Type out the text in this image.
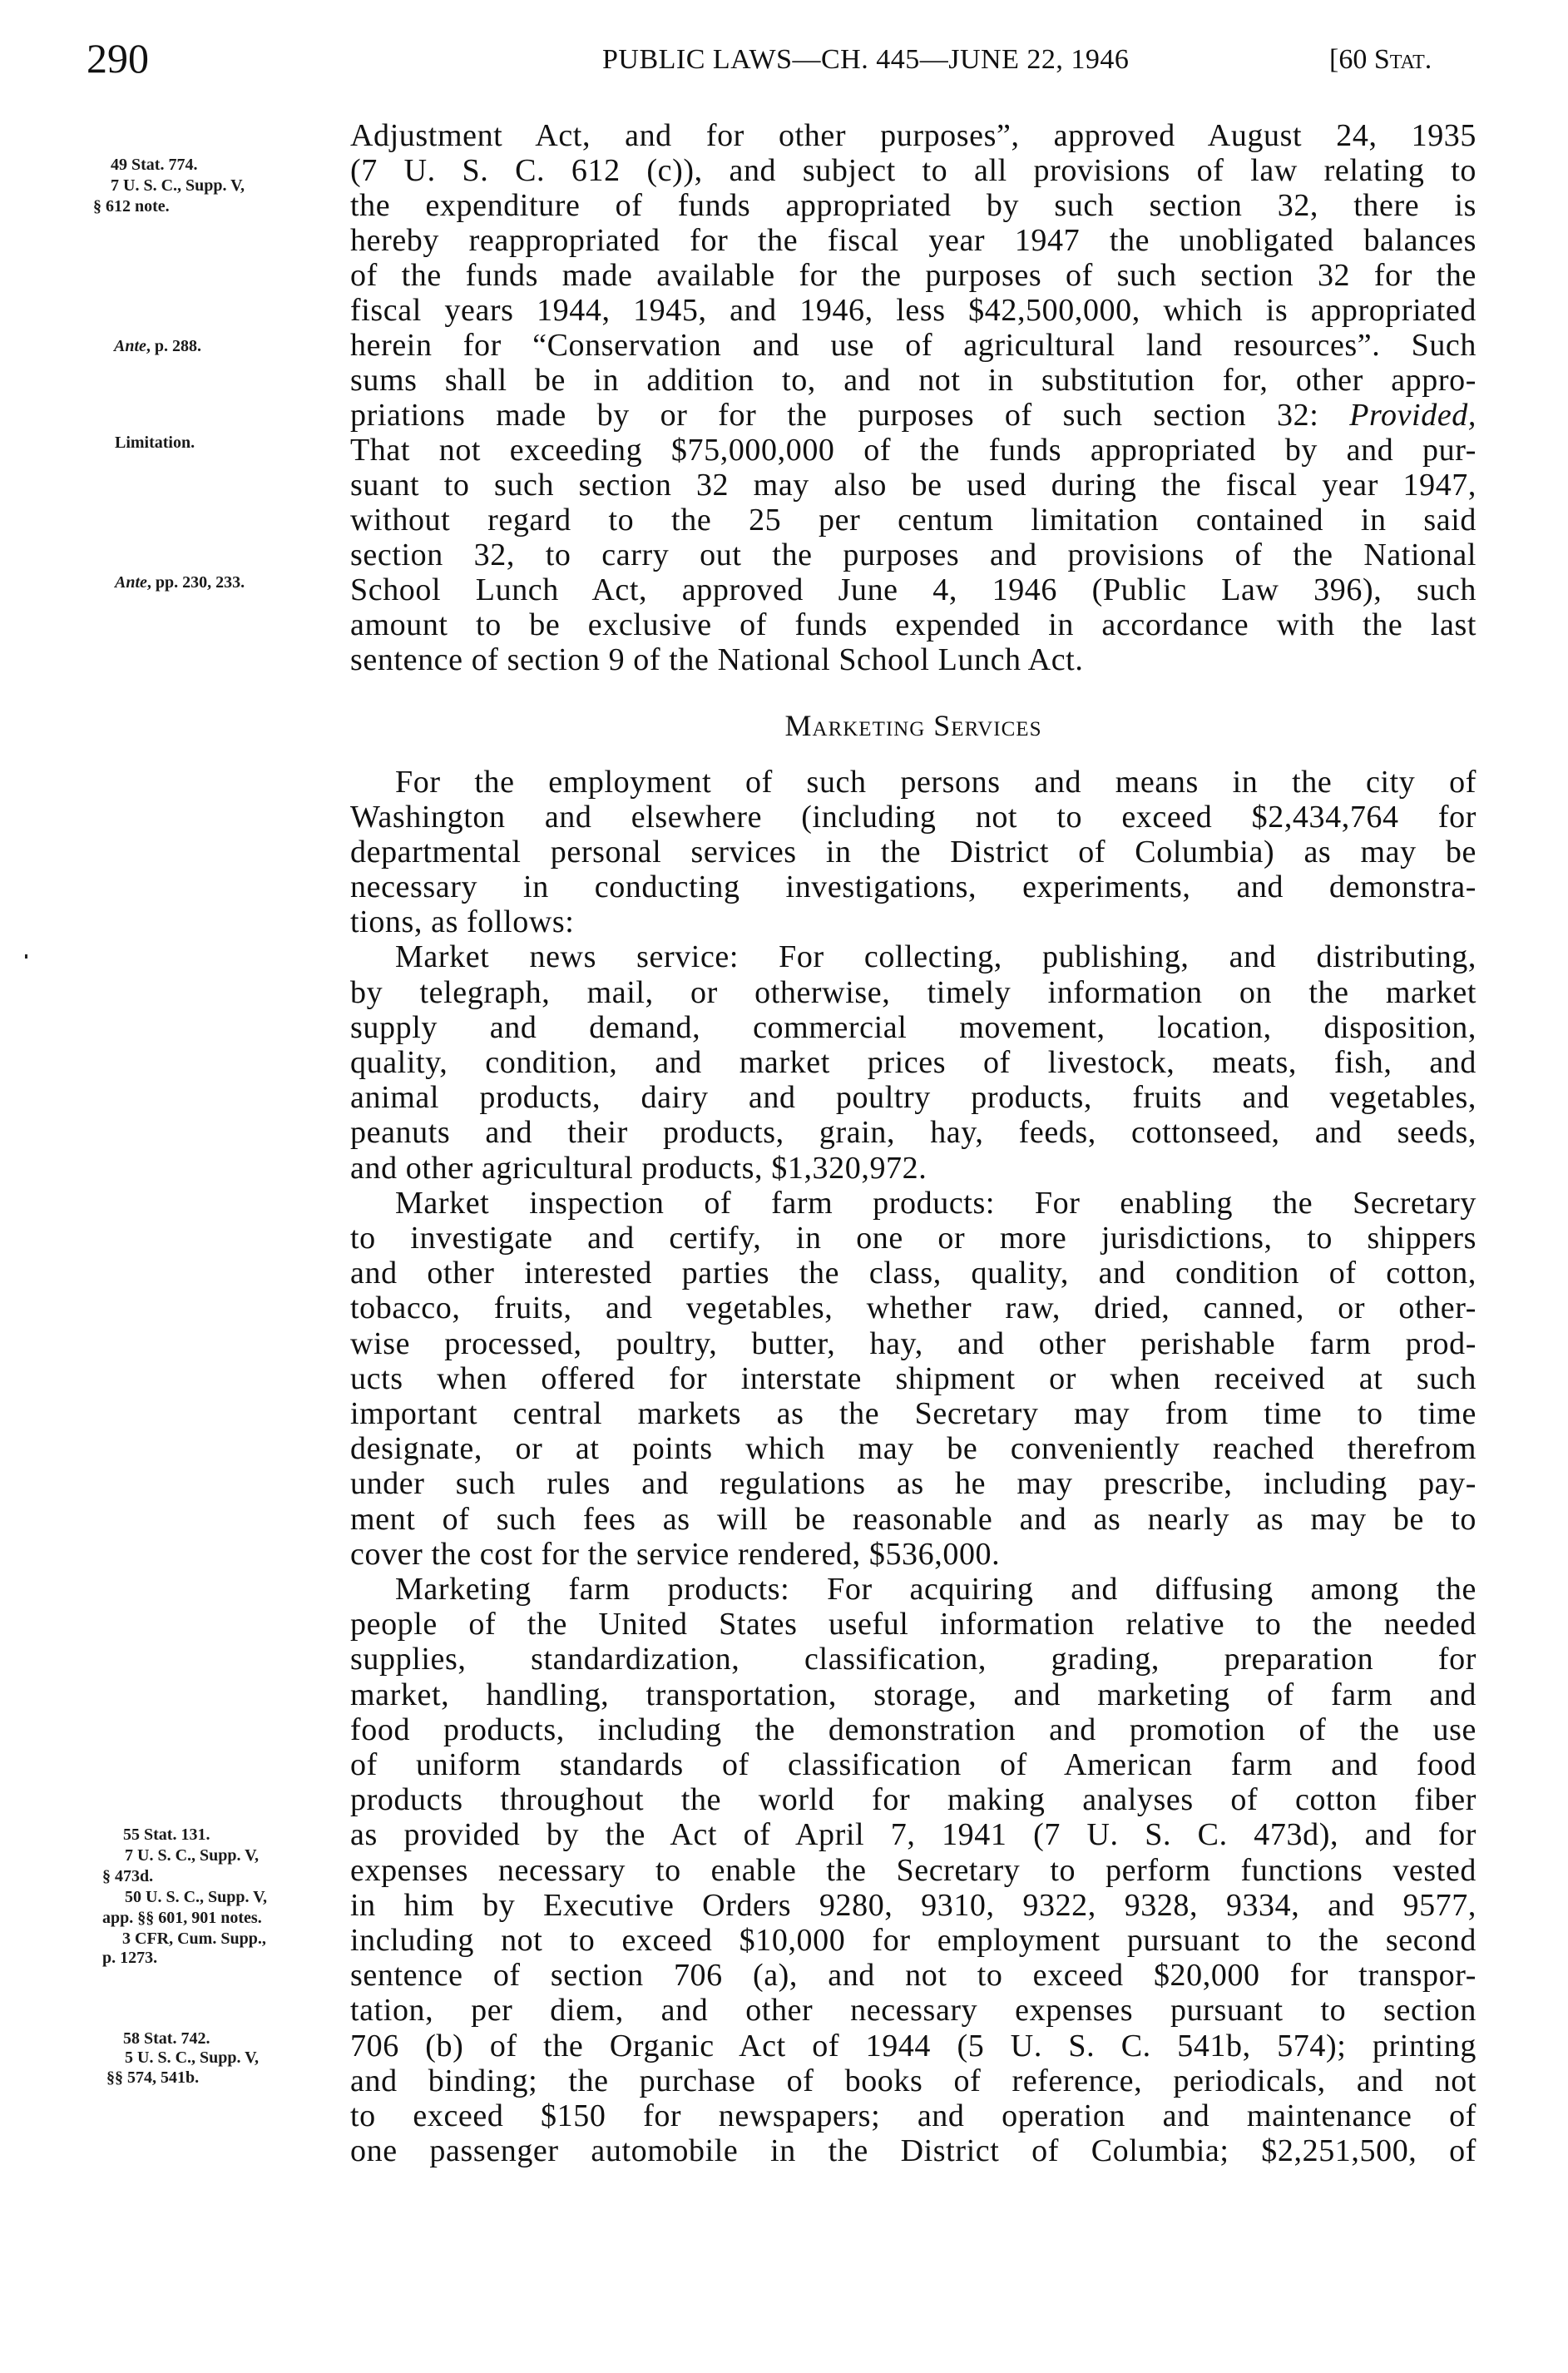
290	PUBLIC LAWS—CH. 445—JUNE 22, 1946	[60 Stat.
49 Stat. 774.
7 U. S. C., Supp. V,
§ 612 note.
Ante, p. 288.
Limitation.
Ante, pp. 230, 233.
55 Stat. 131.
7 U. S. C., Supp. V,
§ 473d.
50 U. S. C., Supp. V,
app. §§ 601, 901 notes.
3 CFR, Cum. Supp.,
p. 1273.
58 Stat. 742.
5 U. S. C., Supp. V,
§§ 574, 541b.
Adjustment Act, and for other purposes”, approved August 24, 1935
(7 U. S. C. 612 (c)), and subject to all provisions of law relating to
the expenditure of funds appropriated by such section 32, there is
hereby reappropriated for the fiscal year 1947 the unobligated balances
of the funds made available for the purposes of such section 32 for the
fiscal years 1944, 1945, and 1946, less $42,500,000, which is appropriated
herein for “Conservation and use of agricultural land resources”. Such
sums shall be in addition to, and not in substitution for, other appro-
priations made by or for the purposes of such section 32: Provided,
That not exceeding $75,000,000 of the funds appropriated by and pur-
suant to such section 32 may also be used during the fiscal year 1947,
without regard to the 25 per centum limitation contained in said
section 32, to carry out the purposes and provisions of the National
School Lunch Act, approved June 4, 1946 (Public Law 396), such
amount to be exclusive of funds expended in accordance with the last
sentence of section 9 of the National School Lunch Act.
Marketing Services
For the employment of such persons and means in the city of
Washington and elsewhere (including not to exceed $2,434,764 for
departmental personal services in the District of Columbia) as may be
necessary in conducting investigations, experiments, and demonstra-
tions, as follows:
Market news service: For collecting, publishing, and distributing,
by telegraph, mail, or otherwise, timely information on the market
supply and demand, commercial movement, location, disposition,
quality, condition, and market prices of livestock, meats, fish, and
animal products, dairy and poultry products, fruits and vegetables,
peanuts and their products, grain, hay, feeds, cottonseed, and seeds,
and other agricultural products, $1,320,972.
Market inspection of farm products: For enabling the Secretary
to investigate and certify, in one or more jurisdictions, to shippers
and other interested parties the class, quality, and condition of cotton,
tobacco, fruits, and vegetables, whether raw, dried, canned, or other-
wise processed, poultry, butter, hay, and other perishable farm prod-
ucts when offered for interstate shipment or when received at such
important central markets as the Secretary may from time to time
designate, or at points which may be conveniently reached therefrom
under such rules and regulations as he may prescribe, including pay-
ment of such fees as will be reasonable and as nearly as may be to
cover the cost for the service rendered, $536,000.
Marketing farm products: For acquiring and diffusing among the
people of the United States useful information relative to the needed
supplies, standardization, classification, grading, preparation for
market, handling, transportation, storage, and marketing of farm and
food products, including the demonstration and promotion of the use
of uniform standards of classification of American farm and food
products throughout the world for making analyses of cotton fiber
as provided by the Act of April 7, 1941 (7 U. S. C. 473d), and for
expenses necessary to enable the Secretary to perform functions vested
in him by Executive Orders 9280, 9310, 9322, 9328, 9334, and 9577,
including not to exceed $10,000 for employment pursuant to the second
sentence of section 706 (a), and not to exceed $20,000 for transpor-
tation, per diem, and other necessary expenses pursuant to section
706 (b) of the Organic Act of 1944 (5 U. S. C. 541b, 574); printing
and binding; the purchase of books of reference, periodicals, and not
to exceed $150 for newspapers; and operation and maintenance of
one passenger automobile in the District of Columbia; $2,251,500, of
